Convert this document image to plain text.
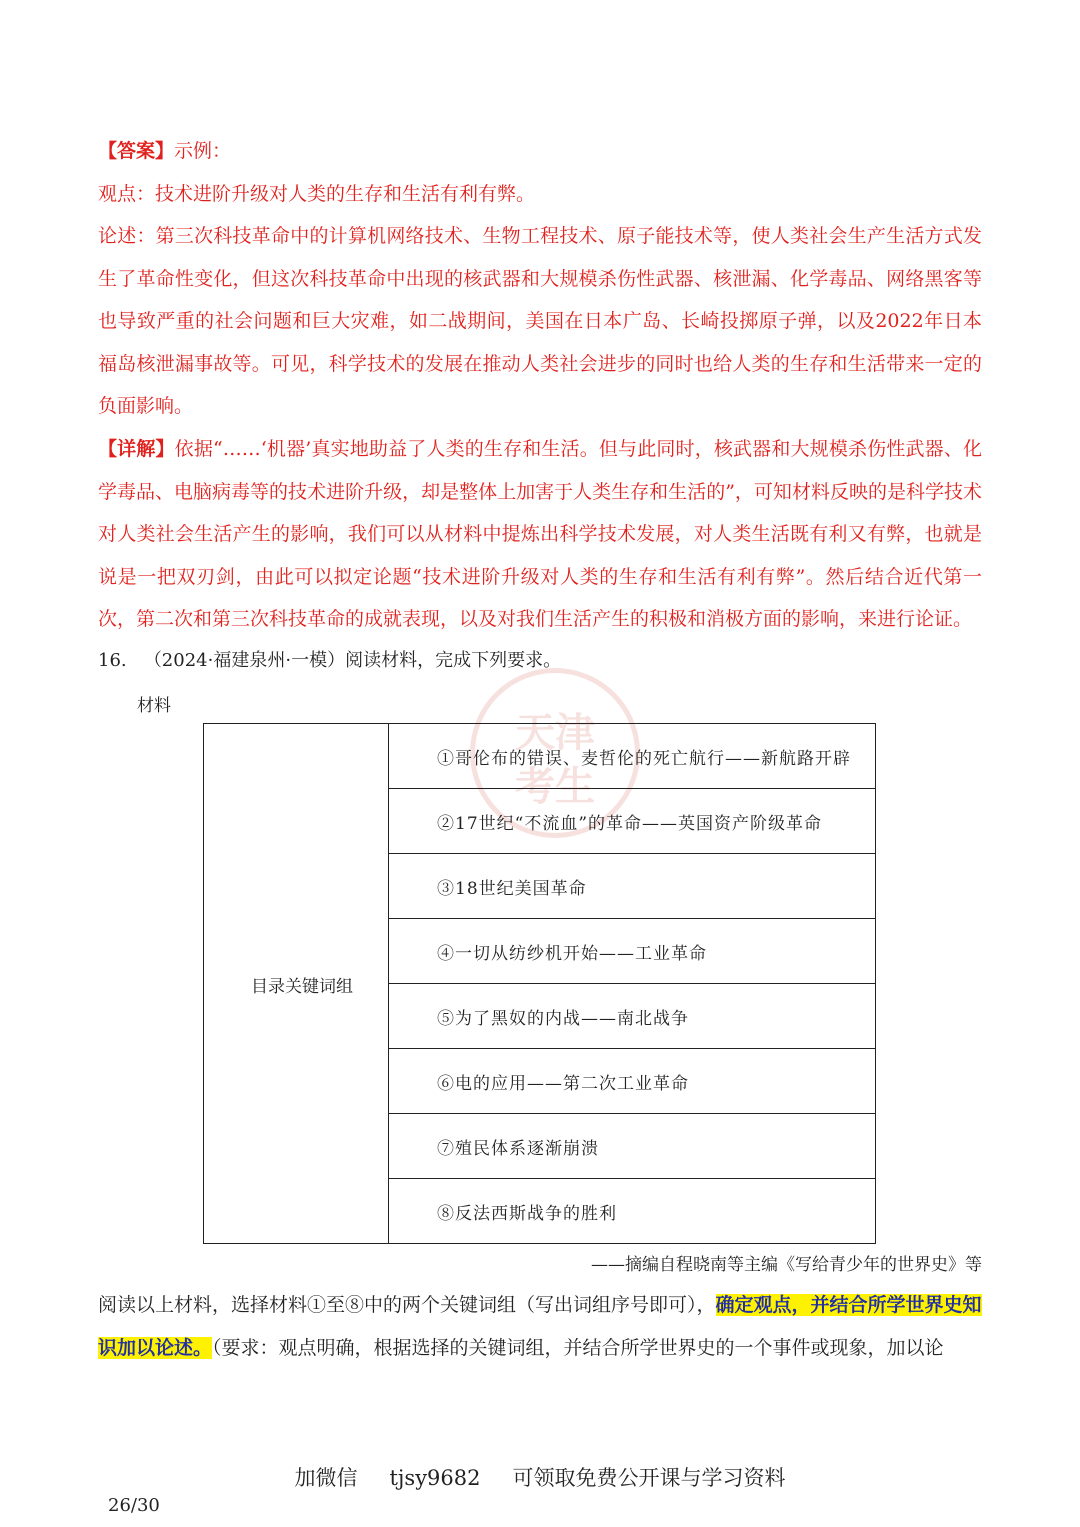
天津
考生
【答案】示例：
观点：技术进阶升级对人类的生存和生活有利有弊。
论述：第三次科技革命中的计算机网络技术、生物工程技术、原子能技术等，使人类社会生产生活方式发生了革命性变化，但这次科技革命中出现的核武器和大规模杀伤性武器、核泄漏、化学毒品、网络黑客等也导致严重的社会问题和巨大灾难，如二战期间，美国在日本广岛、长崎投掷原子弹，以及2022年日本福岛核泄漏事故等。可见，科学技术的发展在推动人类社会进步的同时也给人类的生存和生活带来一定的负面影响。
【详解】依据“……‘机器’真实地助益了人类的生存和生活。但与此同时，核武器和大规模杀伤性武器、化学毒品、电脑病毒等的技术进阶升级，却是整体上加害于人类生存和生活的”，可知材料反映的是科学技术对人类社会生活产生的影响，我们可以从材料中提炼出科学技术发展，对人类生活既有利又有弊，也就是说是一把双刃剑，由此可以拟定论题“技术进阶升级对人类的生存和生活有利有弊”。然后结合近代第一次，第二次和第三次科技革命的成就表现，以及对我们生活产生的积极和消极方面的影响，来进行论证。

16. （2024·福建泉州·一模）阅读材料，完成下列要求。

材料

目录关键词组	①哥伦布的错误、麦哲伦的死亡航行——新航路开辟
②17世纪“不流血”的革命——英国资产阶级革命
③18世纪美国革命
④一切从纺纱机开始——工业革命
⑤为了黑奴的内战——南北战争
⑥电的应用——第二次工业革命
⑦殖民体系逐渐崩溃
⑧反法西斯战争的胜利

——摘编自程晓南等主编《写给青少年的世界史》等

阅读以上材料，选择材料①至⑧中的两个关键词组（写出词组序号即可），确定观点，并结合所学世界史知识加以论述。（要求：观点明确，根据选择的关键词组，并结合所学世界史的一个事件或现象，加以论

加微信 tjsy9682 可领取免费公开课与学习资料

26/30
